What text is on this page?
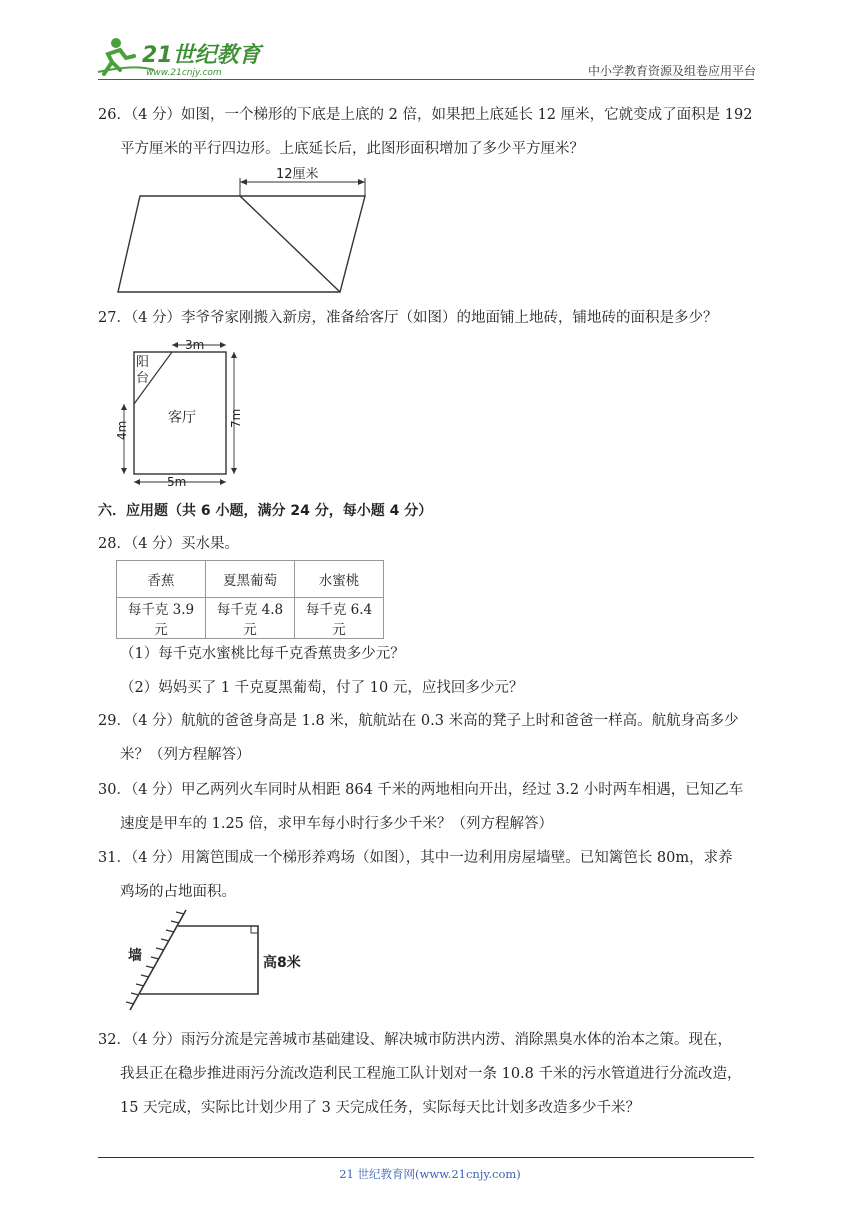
21世纪教育
www.21cnjy.com	中小学教育资源及组卷应用平台
26．（4 分）如图，一个梯形的下底是上底的 2 倍，如果把上底延长 12 厘米，它就变成了面积是 192
平方厘米的平行四边形。上底延长后，此图形面积增加了多少平方厘米？
12厘米
27．（4 分）李爷爷家刚搬入新房，准备给客厅（如图）的地面铺上地砖，铺地砖的面积是多少？
3m
阳
台
客厅
4m
7m
5m
六．应用题（共 6 小题，满分 24 分，每小题 4 分）
28．（4 分）买水果。
香蕉	夏黑葡萄	水蜜桃
每千克 3.9 元	每千克 4.8 元	每千克 6.4 元
（1）每千克水蜜桃比每千克香蕉贵多少元？
（2）妈妈买了 1 千克夏黑葡萄，付了 10 元，应找回多少元？
29．（4 分）航航的爸爸身高是 1.8 米，航航站在 0.3 米高的凳子上时和爸爸一样高。航航身高多少
米？（列方程解答）
30．（4 分）甲乙两列火车同时从相距 864 千米的两地相向开出，经过 3.2 小时两车相遇，已知乙车
速度是甲车的 1.25 倍，求甲车每小时行多少千米？（列方程解答）
31．（4 分）用篱笆围成一个梯形养鸡场（如图），其中一边利用房屋墙壁。已知篱笆长 80m，求养
鸡场的占地面积。
墙	高8米
32．（4 分）雨污分流是完善城市基础建设、解决城市防洪内涝、消除黑臭水体的治本之策。现在，
我县正在稳步推进雨污分流改造利民工程施工队计划对一条 10.8 千米的污水管道进行分流改造，
15 天完成，实际比计划少用了 3 天完成任务，实际每天比计划多改造多少千米？
21 世纪教育网(www.21cnjy.com)
